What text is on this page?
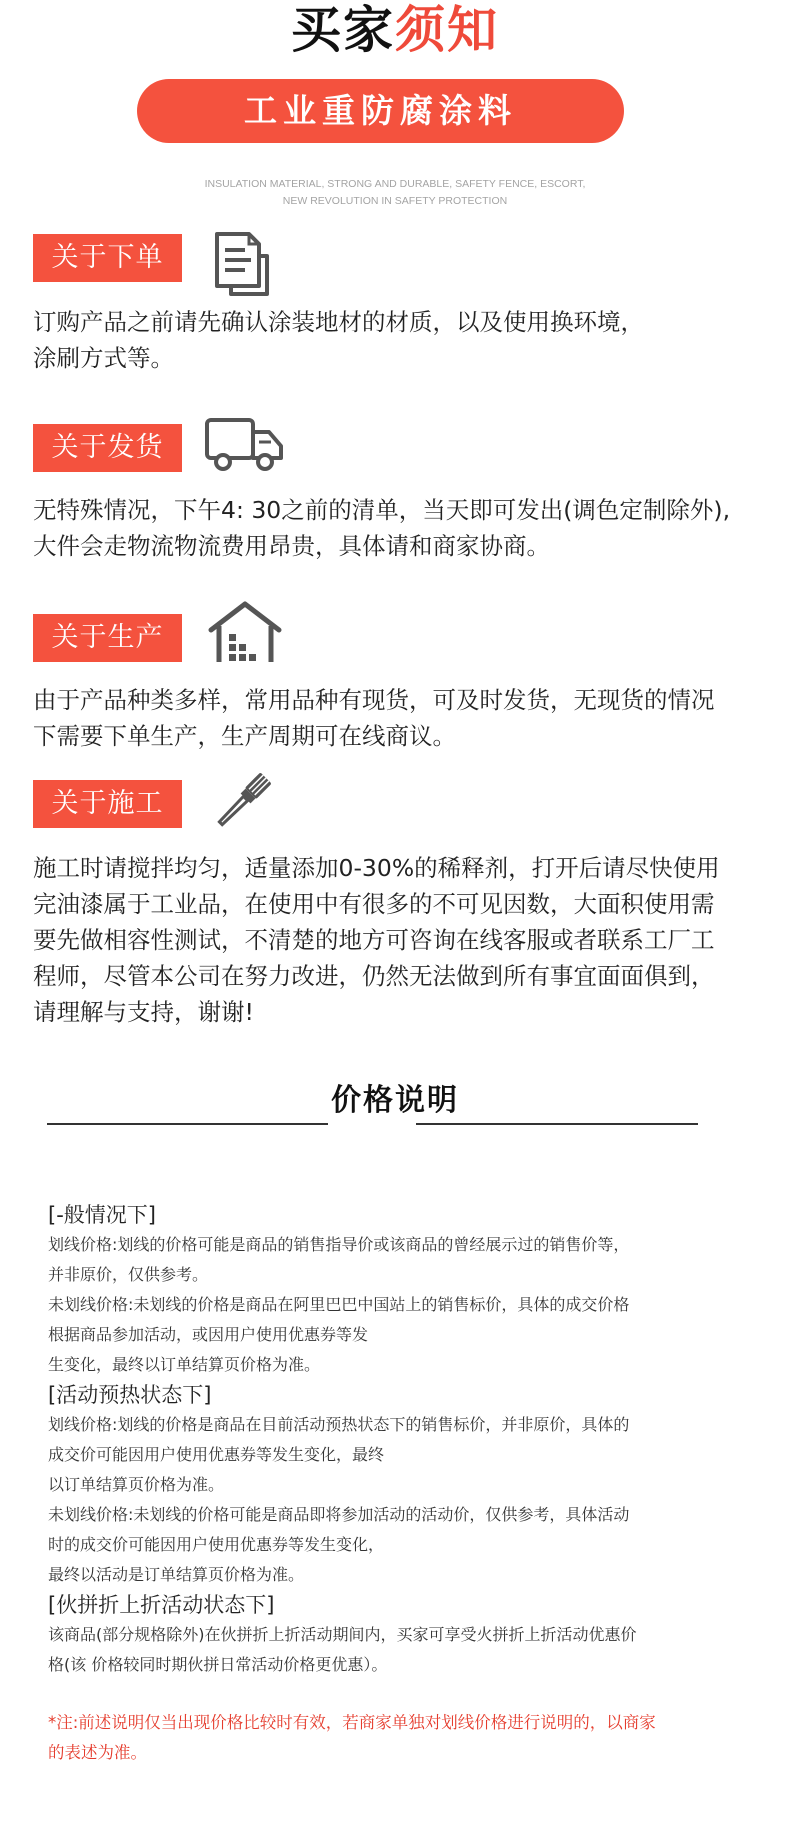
买家须知
工业重防腐涂料
INSULATION MATERIAL, STRONG AND DURABLE, SAFETY FENCE, ESCORT,
NEW REVOLUTION IN SAFETY PROTECTION
关于下单
订购产品之前请先确认涂装地材的材质，以及使用换环境，
涂刷方式等。
关于发货
无特殊情况，下午4: 30之前的清单，当天即可发出(调色定制除外),
大件会走物流物流费用昂贵，具体请和商家协商。
关于生产
由于产品种类多样，常用品种有现货，可及时发货，无现货的情况
下需要下单生产，生产周期可在线商议。
关于施工
施工时请搅拌均匀，适量添加0-30%的稀释剂，打开后请尽快使用
完油漆属于工业品，在使用中有很多的不可见因数，大面积使用需
要先做相容性测试，不清楚的地方可咨询在线客服或者联系工厂工
程师，尽管本公司在努力改进，仍然无法做到所有事宜面面俱到，
请理解与支持，谢谢!
价格说明
[-般情况下]
划线价格:划线的价格可能是商品的销售指导价或该商品的曾经展示过的销售价等，
并非原价，仅供参考。
未划线价格:未划线的价格是商品在阿里巴巴中国站上的销售标价，具体的成交价格
根据商品参加活动，或因用户使用优惠券等发
生变化，最终以订单结算页价格为准。
[活动预热状态下]
划线价格:划线的价格是商品在目前活动预热状态下的销售标价，并非原价，具体的
成交价可能因用户使用优惠券等发生变化，最终
以订单结算页价格为准。
未划线价格:未划线的价格可能是商品即将参加活动的活动价，仅供参考，具体活动
时的成交价可能因用户使用优惠券等发生变化，
最终以活动是订单结算页价格为准。
[伙拼折上折活动状态下]
该商品(部分规格除外)在伙拼折上折活动期间内，买家可享受火拼折上折活动优惠价
格(该 价格较同时期伙拼日常活动价格更优惠）。
*注:前述说明仅当出现价格比较时有效，若商家单独对划线价格进行说明的，以商家
的表述为准。
